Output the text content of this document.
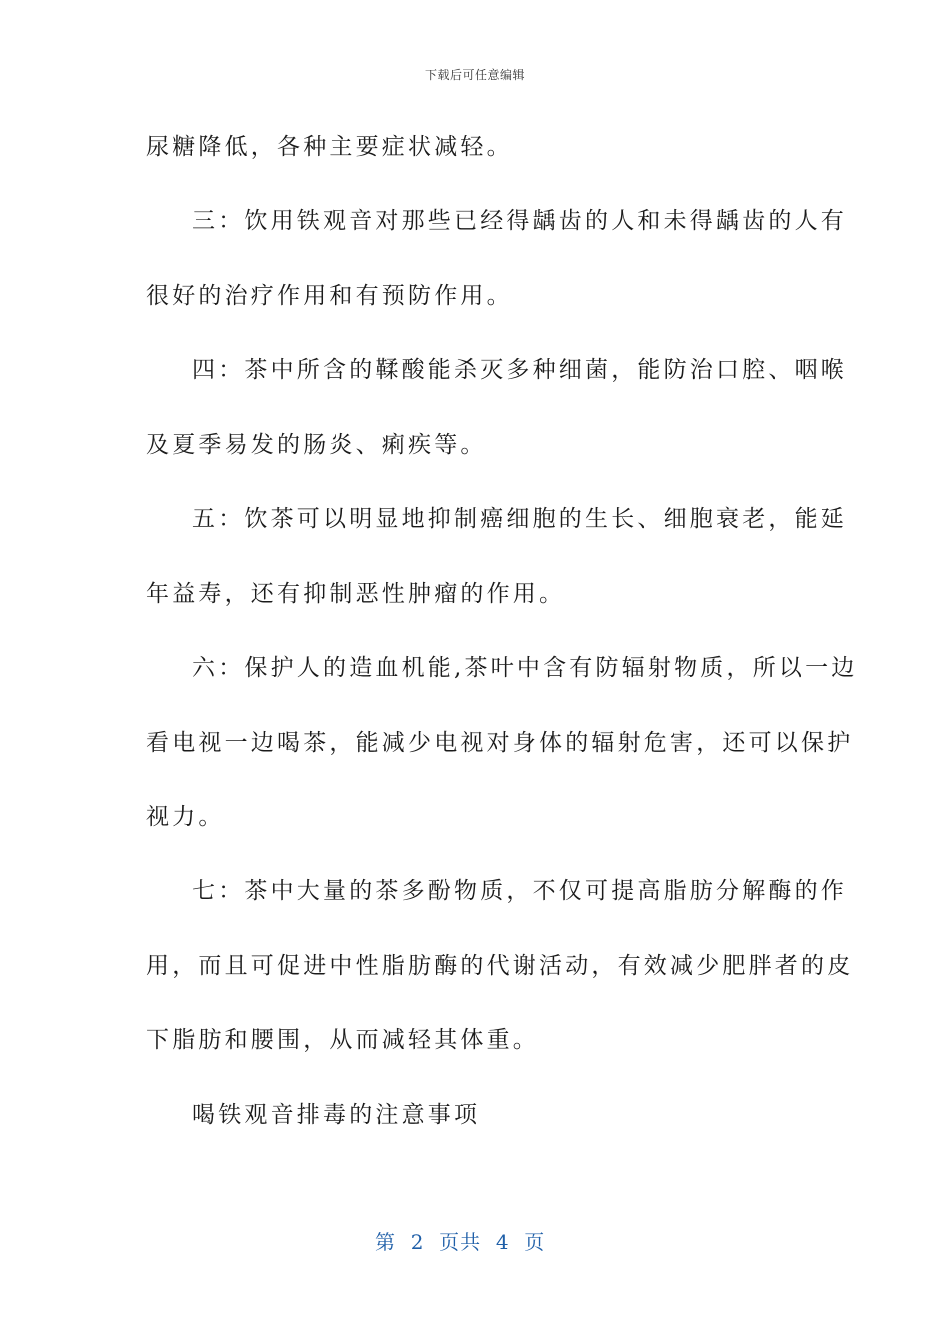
下载后可任意编辑
尿糖降低，各种主要症状减轻。
三：饮用铁观音对那些已经得龋齿的人和未得龋齿的人有
很好的治疗作用和有预防作用。
四：茶中所含的鞣酸能杀灭多种细菌，能防治口腔、咽喉
及夏季易发的肠炎、痢疾等。
五：饮茶可以明显地抑制癌细胞的生长、细胞衰老，能延
年益寿，还有抑制恶性肿瘤的作用。
六：保护人的造血机能,茶叶中含有防辐射物质，所以一边
看电视一边喝茶，能减少电视对身体的辐射危害，还可以保护
视力。
七：茶中大量的茶多酚物质，不仅可提高脂肪分解酶的作
用，而且可促进中性脂肪酶的代谢活动，有效减少肥胖者的皮
下脂肪和腰围，从而减轻其体重。
喝铁观音排毒的注意事项
第  2  页共  4  页
